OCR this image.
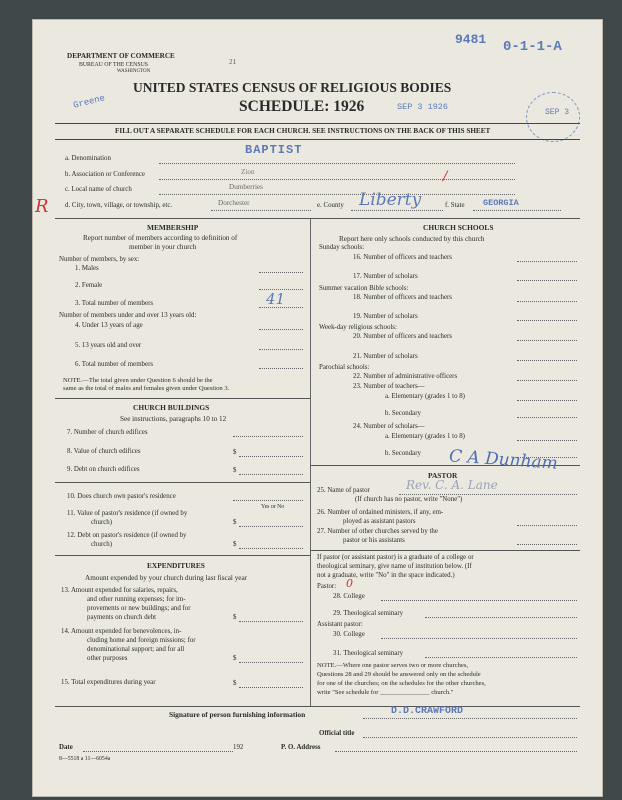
DEPARTMENT OF COMMERCE
BUREAU OF THE CENSUS
WASHINGTON
21
9481 0-1-1-A
Greene
UNITED STATES CENSUS OF RELIGIOUS BODIES
SCHEDULE: 1926	SEP 3 1926
SEP 3
FILL OUT A SEPARATE SCHEDULE FOR EACH CHURCH. SEE INSTRUCTIONS ON THE BACK OF THIS SHEET
a. Denomination
BAPTIST
b. Association or Conference	Zion
c. Local name of church	Dumberries
/
R d. City, town, village, or township, etc.	Dorchester	e. County Liberty	f. State GEORGIA
MEMBERSHIP
Report number of members according to definition of
member in your church
Number of members, by sex:
1. Males
2. Female
3. Total number of members	41
Number of members under and over 13 years old:
4. Under 13 years of age
5. 13 years old and over
6. Total number of members
NOTE.—The total given under Question 6 should be the
same as the total of males and females given under Question 3.
CHURCH BUILDINGS
See instructions, paragraphs 10 to 12
7. Number of church edifices
8. Value of church edifices	$
9. Debt on church edifices	$
10. Does church own pastor's residence
Yes or No
11. Value of pastor's residence (if owned by
church)	$
12. Debt on pastor's residence (if owned by
church)	$
EXPENDITURES
Amount expended by your church during last fiscal year
13. Amount expended for salaries, repairs,
and other running expenses; for im-
provements or new buildings; and for
payments on church debt	$
14. Amount expended for benevolences, in-
cluding home and foreign missions; for
denominational support; and for all
other purposes	$
15. Total expenditures during year	$
CHURCH SCHOOLS
Report here only schools conducted by this church
Sunday schools:
16. Number of officers and teachers
17. Number of scholars
Summer vacation Bible schools:
18. Number of officers and teachers
19. Number of scholars
Week-day religious schools:
20. Number of officers and teachers
21. Number of scholars
Parochial schools:
22. Number of administrative officers
23. Number of teachers—
a. Elementary (grades 1 to 8)
b. Secondary
24. Number of scholars—
a. Elementary (grades 1 to 8)
b. Secondary
PASTOR
C A Dunham
25. Name of pastor	Rev. C. A. Lane
(If church has no pastor, write "None")
26. Number of ordained ministers, if any, em-
ployed as assistant pastors
27. Number of other churches served by the
pastor or his assistants
If pastor (or assistant pastor) is a graduate of a college or
theological seminary, give name of institution below. (If
not a graduate, write "No" in the space indicated.)
Pastor: 0
28. College
29. Theological seminary
Assistant pastor:
30. College
31. Theological seminary
NOTE.—Where one pastor serves two or more churches,
Questions 28 and 29 should be answered only on the schedule
for one of the churches; on the schedules for the other churches,
write "See schedule for _______________ church."
Signature of person furnishing information	D.D.CRAWFORD
Official title
Date	192	P. O. Address
8—5518 a 11—6054a
